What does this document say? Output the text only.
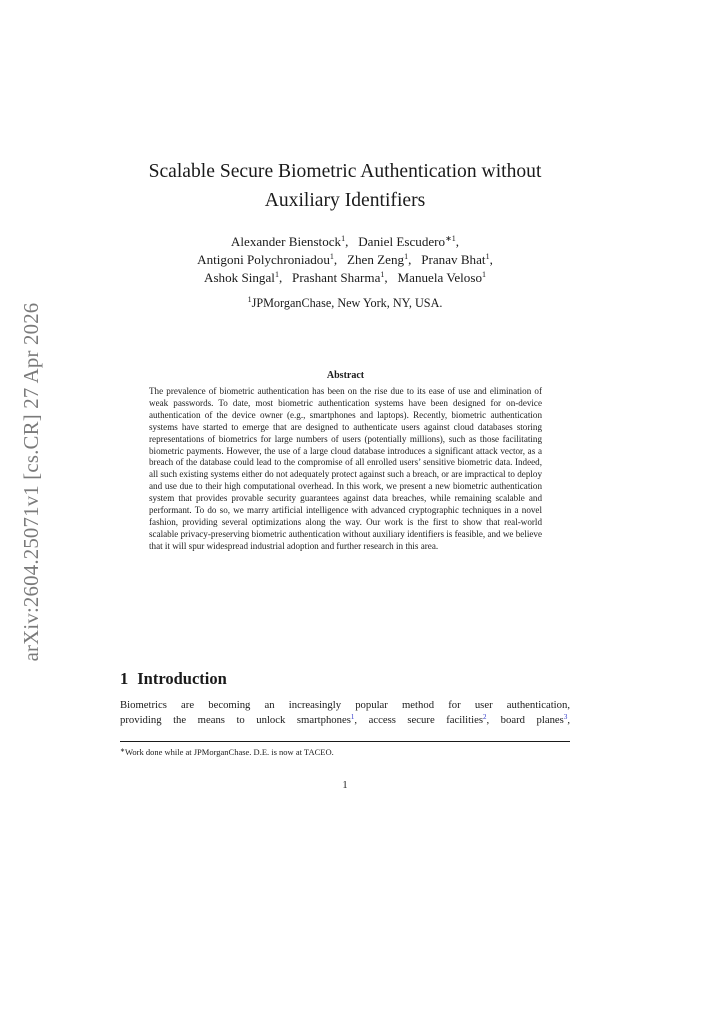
arXiv:2604.25071v1 [cs.CR] 27 Apr 2026
Scalable Secure Biometric Authentication without
Auxiliary Identifiers
Alexander Bienstock$^1$,   Daniel Escudero$^{∗1}$,
Antigoni Polychroniadou$^1$,   Zhen Zeng$^1$,   Pranav Bhat$^1$,
Ashok Singal$^1$,   Prashant Sharma$^1$,   Manuela Veloso$^1$
$^1$JPMorganChase, New York, NY, USA.
Abstract
The prevalence of biometric authentication has been on the rise due to its ease of use and elimination of weak passwords. To date, most biometric authentication systems have been designed for on-device authentication of the device owner (e.g., smartphones and laptops). Recently, biometric authentication systems have started to emerge that are designed to authenticate users against cloud databases storing representations of biometrics for large numbers of users (potentially millions), such as those facilitating biometric payments. However, the use of a large cloud database introduces a significant attack vector, as a breach of the database could lead to the compromise of all enrolled users’ sensitive biometric data. Indeed, all such existing systems either do not adequately protect against such a breach, or are impractical to deploy and use due to their high computational overhead. In this work, we present a new biometric authentication system that provides provable security guarantees against data breaches, while remaining scalable and performant. To do so, we marry artificial intelligence with advanced cryptographic techniques in a novel fashion, providing several optimizations along the way. Our work is the first to show that real-world scalable privacy-preserving biometric authentication without auxiliary identifiers is feasible, and we believe that it will spur widespread industrial adoption and further research in this area.
1 Introduction
Biometrics are becoming an increasingly popular method for user authentication,
providing the means to unlock smartphones$^1$, access secure facilities$^2$, board planes$^3$,
∗Work done while at JPMorganChase. D.E. is now at TACEO.
1
